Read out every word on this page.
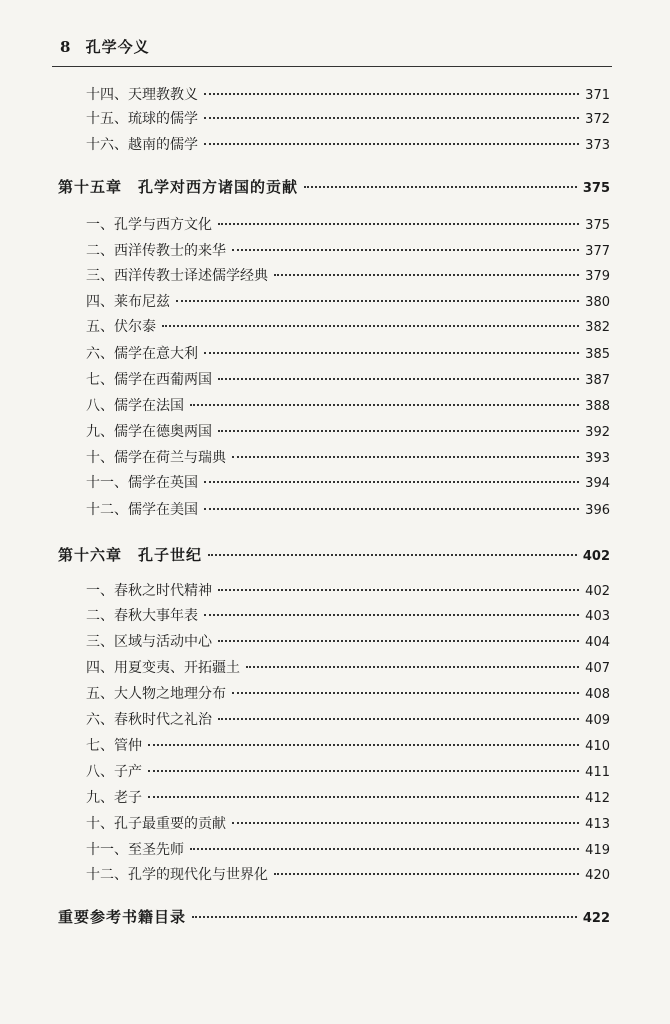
8 孔学今义
十四、天理教教义	371
十五、琉球的儒学	372
十六、越南的儒学	373
第十五章　孔学对西方诸国的贡献	375
一、孔学与西方文化	375
二、西洋传教士的来华	377
三、西洋传教士译述儒学经典	379
四、莱布尼兹	380
五、伏尔泰	382
六、儒学在意大利	385
七、儒学在西葡两国	387
八、儒学在法国	388
九、儒学在德奥两国	392
十、儒学在荷兰与瑞典	393
十一、儒学在英国	394
十二、儒学在美国	396
第十六章　孔子世纪	402
一、春秋之时代精神	402
二、春秋大事年表	403
三、区域与活动中心	404
四、用夏变夷、开拓疆土	407
五、大人物之地理分布	408
六、春秋时代之礼治	409
七、管仲	410
八、子产	411
九、老子	412
十、孔子最重要的贡献	413
十一、至圣先师	419
十二、孔学的现代化与世界化	420
重要参考书籍目录	422
